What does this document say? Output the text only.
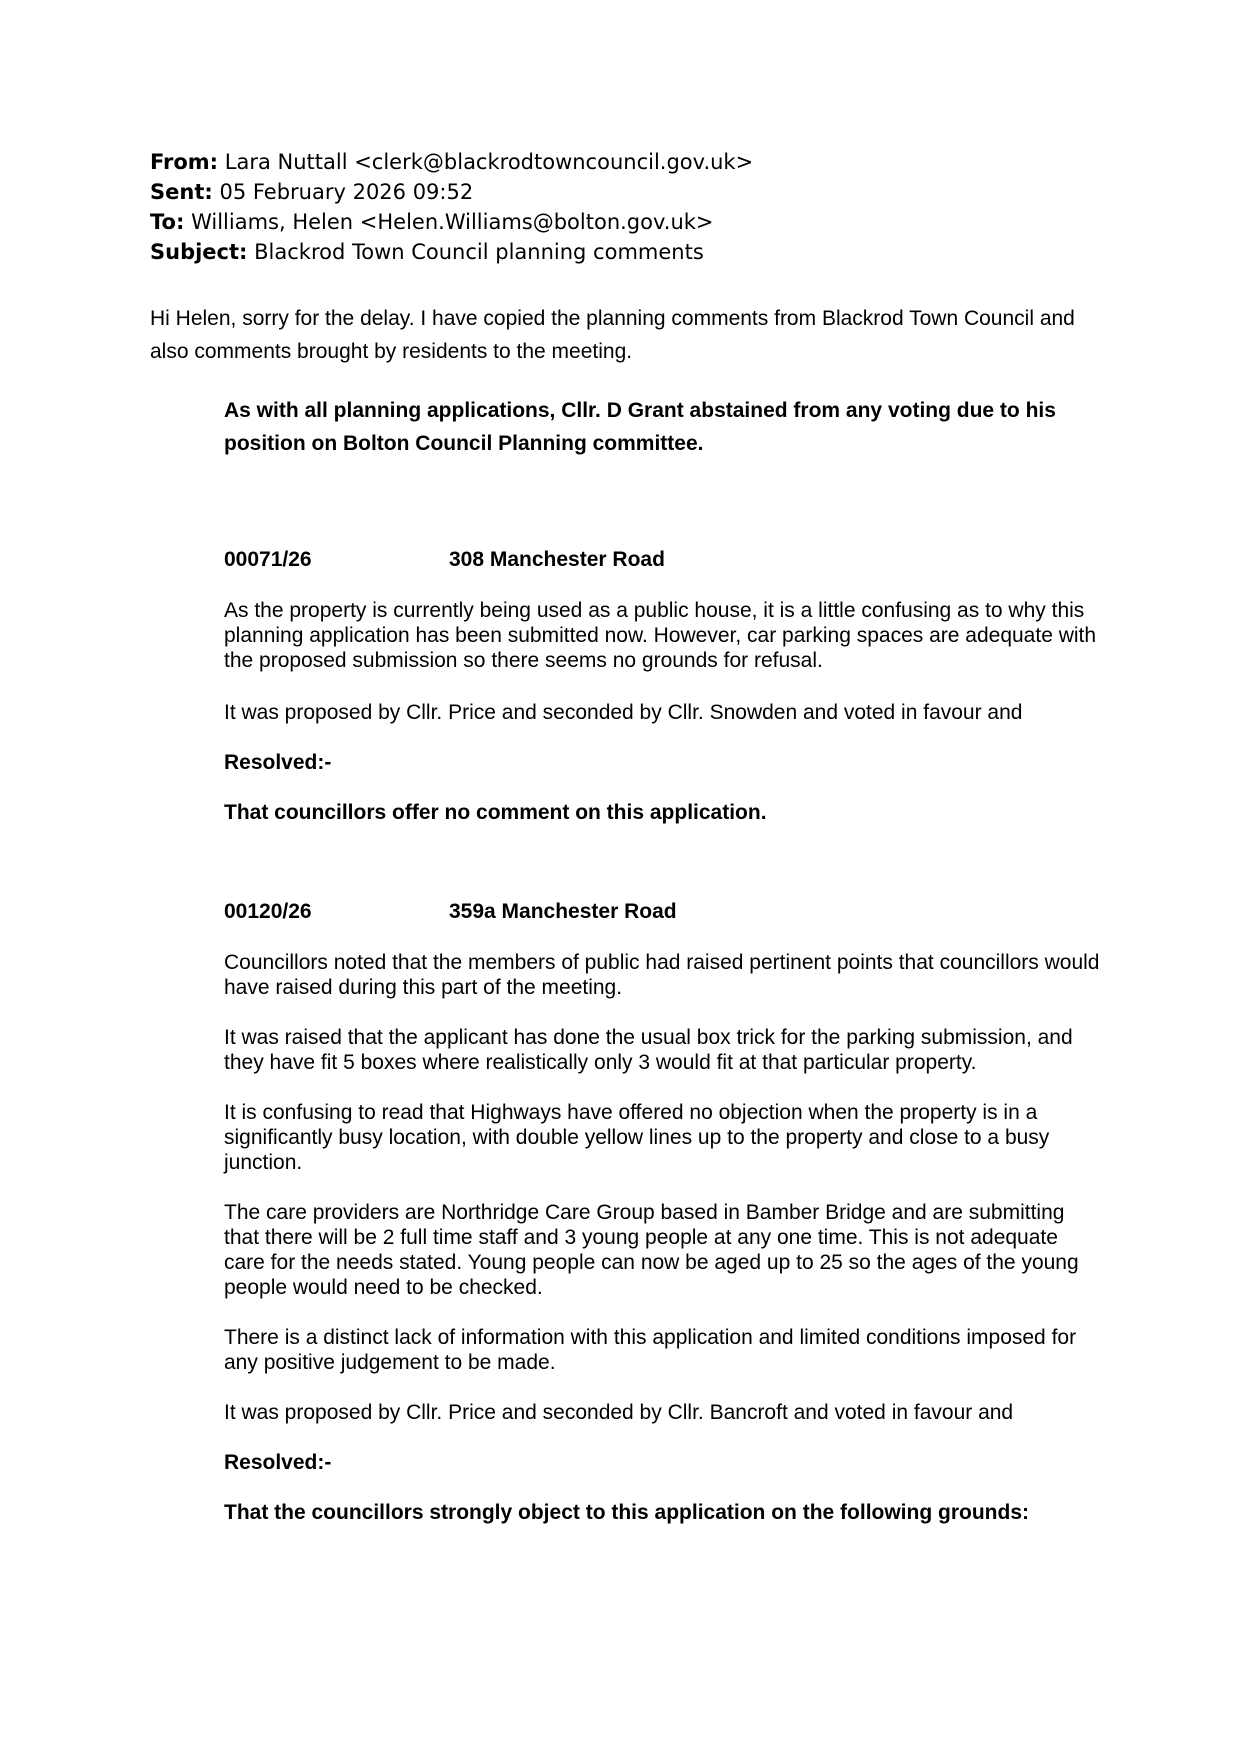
From: Lara Nuttall <clerk@blackrodtowncouncil.gov.uk>
Sent: 05 February 2026 09:52
To: Williams, Helen <Helen.Williams@bolton.gov.uk>
Subject: Blackrod Town Council planning comments
Hi Helen, sorry for the delay. I have copied the planning comments from Blackrod Town Council and also comments brought by residents to the meeting.
As with all planning applications, Cllr. D Grant abstained from any voting due to his position on Bolton Council Planning committee.
00071/26	308 Manchester Road
As the property is currently being used as a public house, it is a little confusing as to why this planning application has been submitted now. However, car parking spaces are adequate with the proposed submission so there seems no grounds for refusal.
It was proposed by Cllr. Price and seconded by Cllr. Snowden and voted in favour and
Resolved:-
That councillors offer no comment on this application.
00120/26	359a Manchester Road
Councillors noted that the members of public had raised pertinent points that councillors would have raised during this part of the meeting.
It was raised that the applicant has done the usual box trick for the parking submission, and they have fit 5 boxes where realistically only 3 would fit at that particular property.
It is confusing to read that Highways have offered no objection when the property is in a significantly busy location, with double yellow lines up to the property and close to a busy junction.
The care providers are Northridge Care Group based in Bamber Bridge and are submitting that there will be 2 full time staff and 3 young people at any one time. This is not adequate care for the needs stated. Young people can now be aged up to 25 so the ages of the young people would need to be checked.
There is a distinct lack of information with this application and limited conditions imposed for any positive judgement to be made.
It was proposed by Cllr. Price and seconded by Cllr. Bancroft and voted in favour and
Resolved:-
That the councillors strongly object to this application on the following grounds:
